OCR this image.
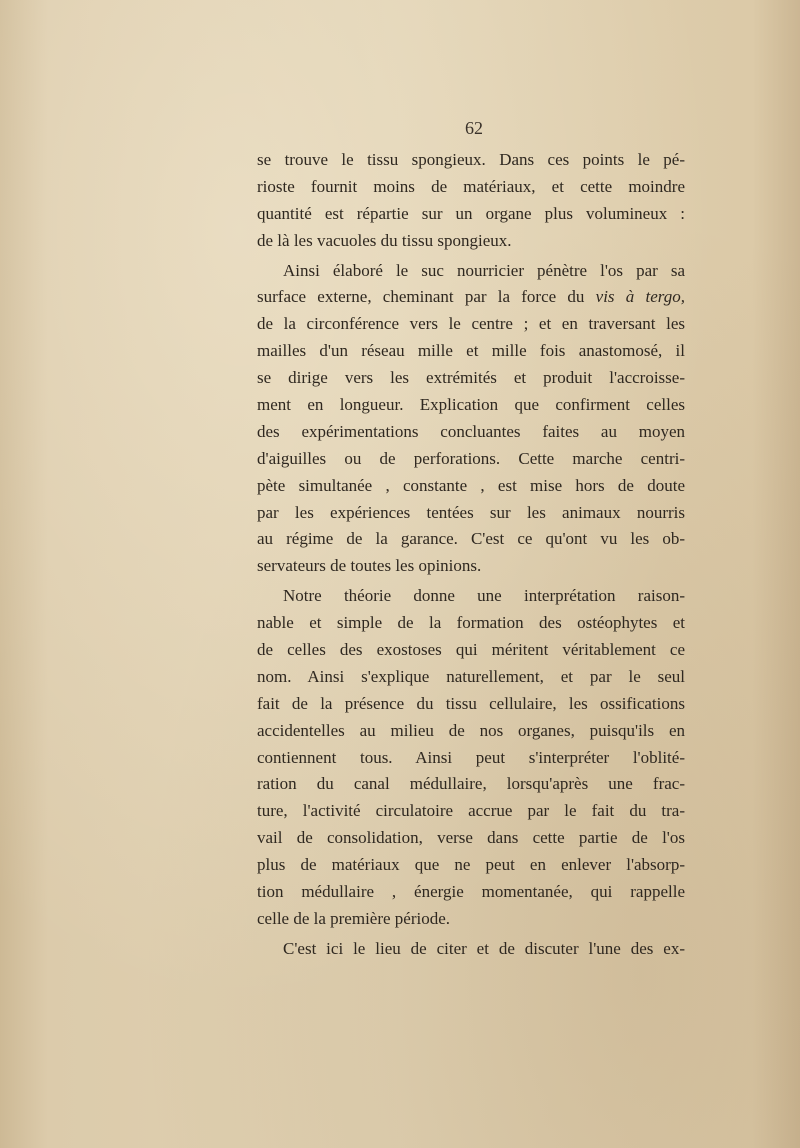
62
se trouve le tissu spongieux. Dans ces points le pé-
rioste fournit moins de matériaux, et cette moindre
quantité est répartie sur un organe plus volumineux :
de là les vacuoles du tissu spongieux.
Ainsi élaboré le suc nourricier pénètre l'os par sa
surface externe, cheminant par la force du vis à tergo,
de la circonférence vers le centre ; et en traversant les
mailles d'un réseau mille et mille fois anastomosé, il
se dirige vers les extrémités et produit l'accroisse-
ment en longueur. Explication que confirment celles
des expérimentations concluantes faites au moyen
d'aiguilles ou de perforations. Cette marche centri-
pète simultanée , constante , est mise hors de doute
par les expériences tentées sur les animaux nourris
au régime de la garance. C'est ce qu'ont vu les ob-
servateurs de toutes les opinions.
Notre théorie donne une interprétation raison-
nable et simple de la formation des ostéophytes et
de celles des exostoses qui méritent véritablement ce
nom. Ainsi s'explique naturellement, et par le seul
fait de la présence du tissu cellulaire, les ossifications
accidentelles au milieu de nos organes, puisqu'ils en
contiennent tous. Ainsi peut s'interpréter l'oblité-
ration du canal médullaire, lorsqu'après une frac-
ture, l'activité circulatoire accrue par le fait du tra-
vail de consolidation, verse dans cette partie de l'os
plus de matériaux que ne peut en enlever l'absorp-
tion médullaire , énergie momentanée, qui rappelle
celle de la première période.
C'est ici le lieu de citer et de discuter l'une des ex-
